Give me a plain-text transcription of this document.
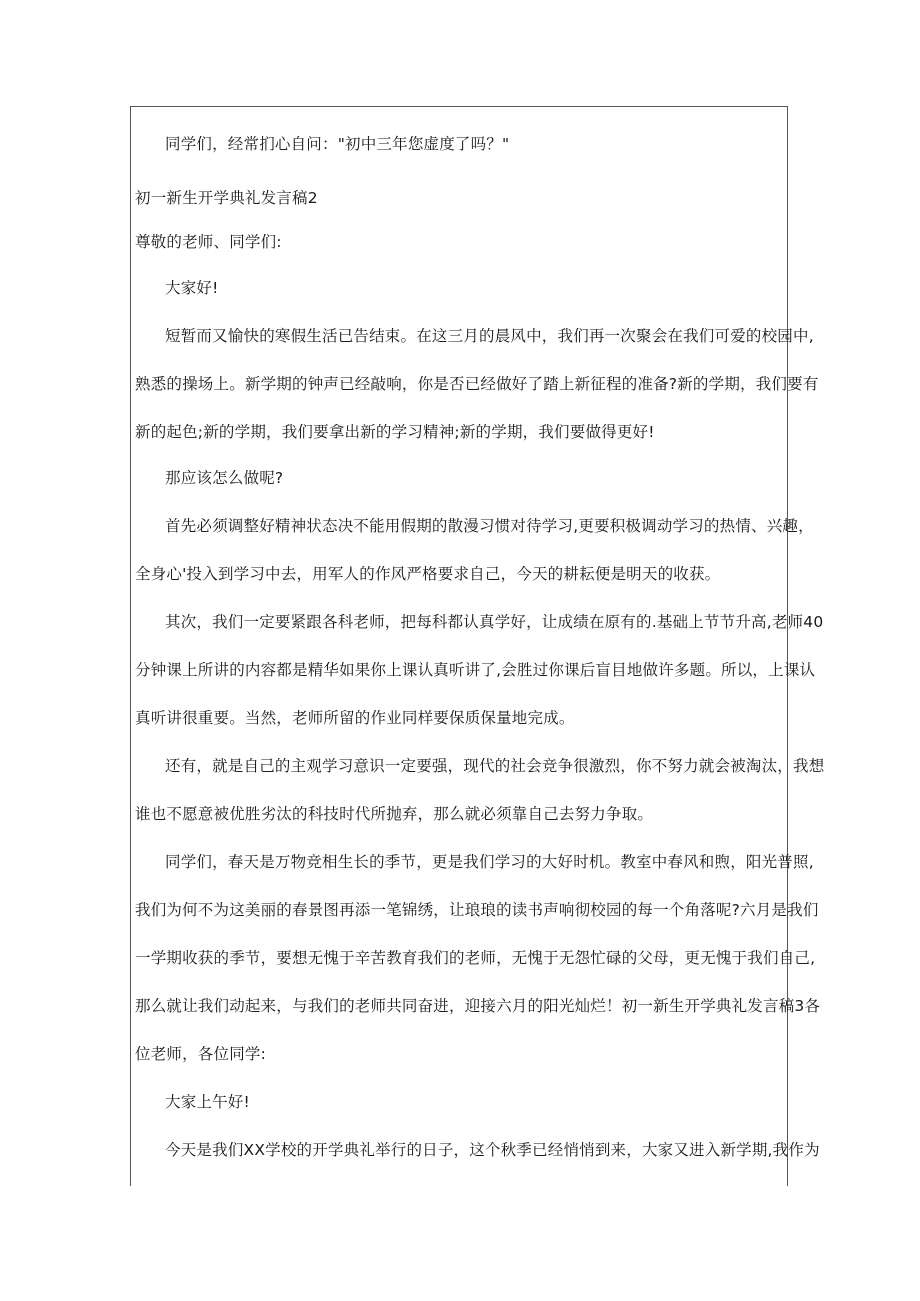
同学们，经常扪心自问："初中三年您虚度了吗？"
初一新生开学典礼发言稿2
尊敬的老师、同学们:
大家好!
短暂而又愉快的寒假生活已告结束。在这三月的晨风中，我们再一次聚会在我们可爱的校园中,
熟悉的操场上。新学期的钟声已经敲响，你是否已经做好了踏上新征程的准备?新的学期，我们要有
新的起色;新的学期，我们要拿出新的学习精神;新的学期，我们要做得更好!
那应该怎么做呢?
首先必须调整好精神状态决不能用假期的散漫习惯对待学习,更要积极调动学习的热情、兴趣，
全身心'投入到学习中去，用军人的作风严格要求自己，今天的耕耘便是明天的收获。
其次，我们一定要紧跟各科老师，把每科都认真学好，让成绩在原有的.基础上节节升高,老师40
分钟课上所讲的内容都是精华如果你上课认真听讲了,会胜过你课后盲目地做许多题。所以，上课认
真听讲很重要。当然，老师所留的作业同样要保质保量地完成。
还有，就是自己的主观学习意识一定要强，现代的社会竞争很激烈，你不努力就会被淘汰，我想
谁也不愿意被优胜劣汰的科技时代所抛弃，那么就必须靠自己去努力争取。
同学们，春天是万物竞相生长的季节，更是我们学习的大好时机。教室中春风和煦，阳光普照,
我们为何不为这美丽的春景图再添一笔锦绣，让琅琅的读书声响彻校园的每一个角落呢?六月是我们
一学期收获的季节，要想无愧于辛苦教育我们的老师，无愧于无怨忙碌的父母，更无愧于我们自己,
那么就让我们动起来，与我们的老师共同奋进，迎接六月的阳光灿烂！初一新生开学典礼发言稿3各
位老师，各位同学:
大家上午好!
今天是我们XX学校的开学典礼举行的日子，这个秋季已经悄悄到来，大家又进入新学期,我作为
